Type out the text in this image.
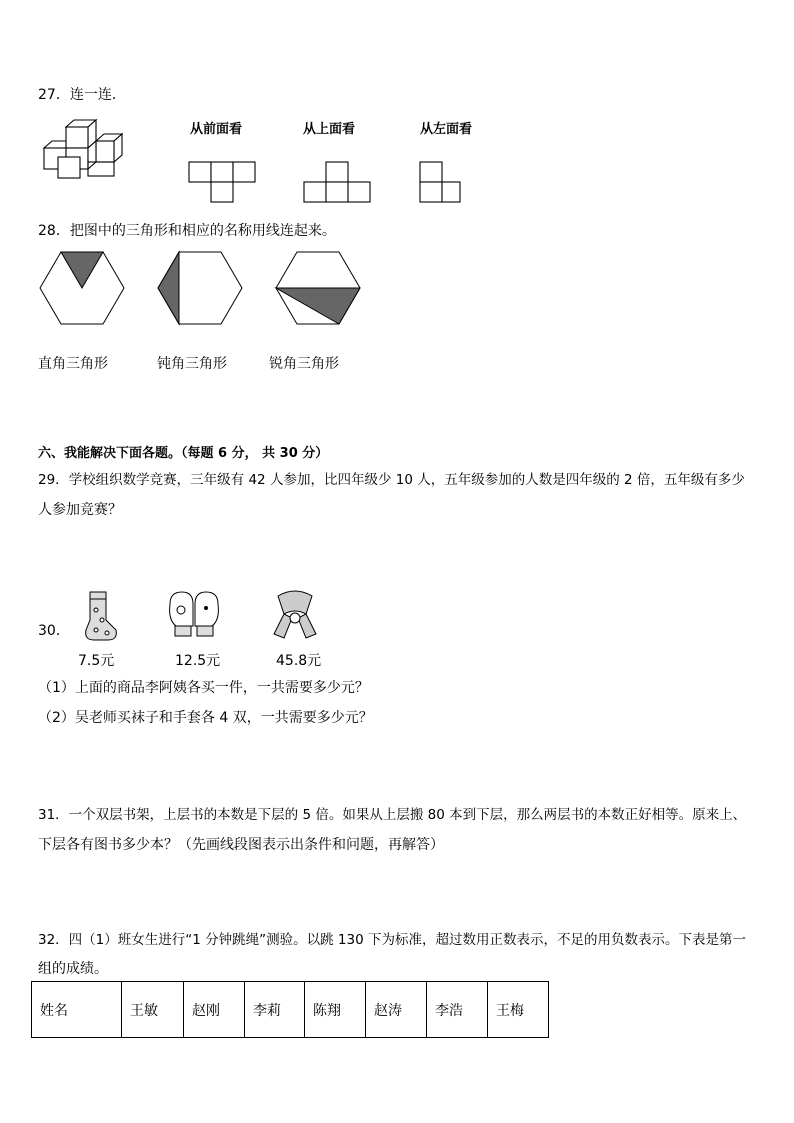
27．连一连．
从前面看	从上面看	从左面看
28．把图中的三角形和相应的名称用线连起来。
直角三角形	钝角三角形	锐角三角形
六、我能解决下面各题。（每题 6 分， 共 30 分）
29．学校组织数学竞赛，三年级有 42 人参加，比四年级少 10 人，五年级参加的人数是四年级的 2 倍，五年级有多少
人参加竞赛？
30．
7.5元	12.5元	45.8元
（1）上面的商品李阿姨各买一件，一共需要多少元？
（2）吴老师买袜子和手套各 4 双，一共需要多少元？
31．一个双层书架，上层书的本数是下层的 5 倍。如果从上层搬 80 本到下层，那么两层书的本数正好相等。原来上、
下层各有图书多少本？（先画线段图表示出条件和问题，再解答）
32．四（1）班女生进行“1 分钟跳绳”测验。以跳 130 下为标准，超过数用正数表示，不足的用负数表示。下表是第一
组的成绩。
姓名	王敏	赵刚	李莉	陈翔	赵涛	李浩	王梅
